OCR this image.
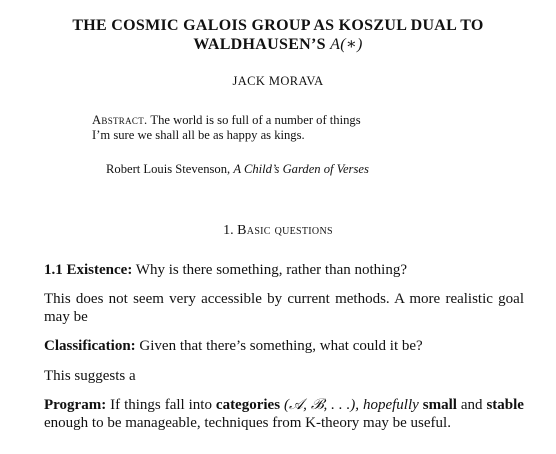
THE COSMIC GALOIS GROUP AS KOSZUL DUAL TO
WALDHAUSEN’S A(∗)
JACK MORAVA
Abstract. The world is so full of a number of things
I’m sure we shall all be as happy as kings.
Robert Louis Stevenson, A Child’s Garden of Verses
1. Basic questions
1.1 Existence: Why is there something, rather than nothing?
This does not seem very accessible by current methods. A more realistic goal may be
Classification: Given that there’s something, what could it be?
This suggests a
Program: If things fall into categories (𝒜, ℬ, . . .), hopefully small and stable enough to be manageable, techniques from K-theory may be useful.
